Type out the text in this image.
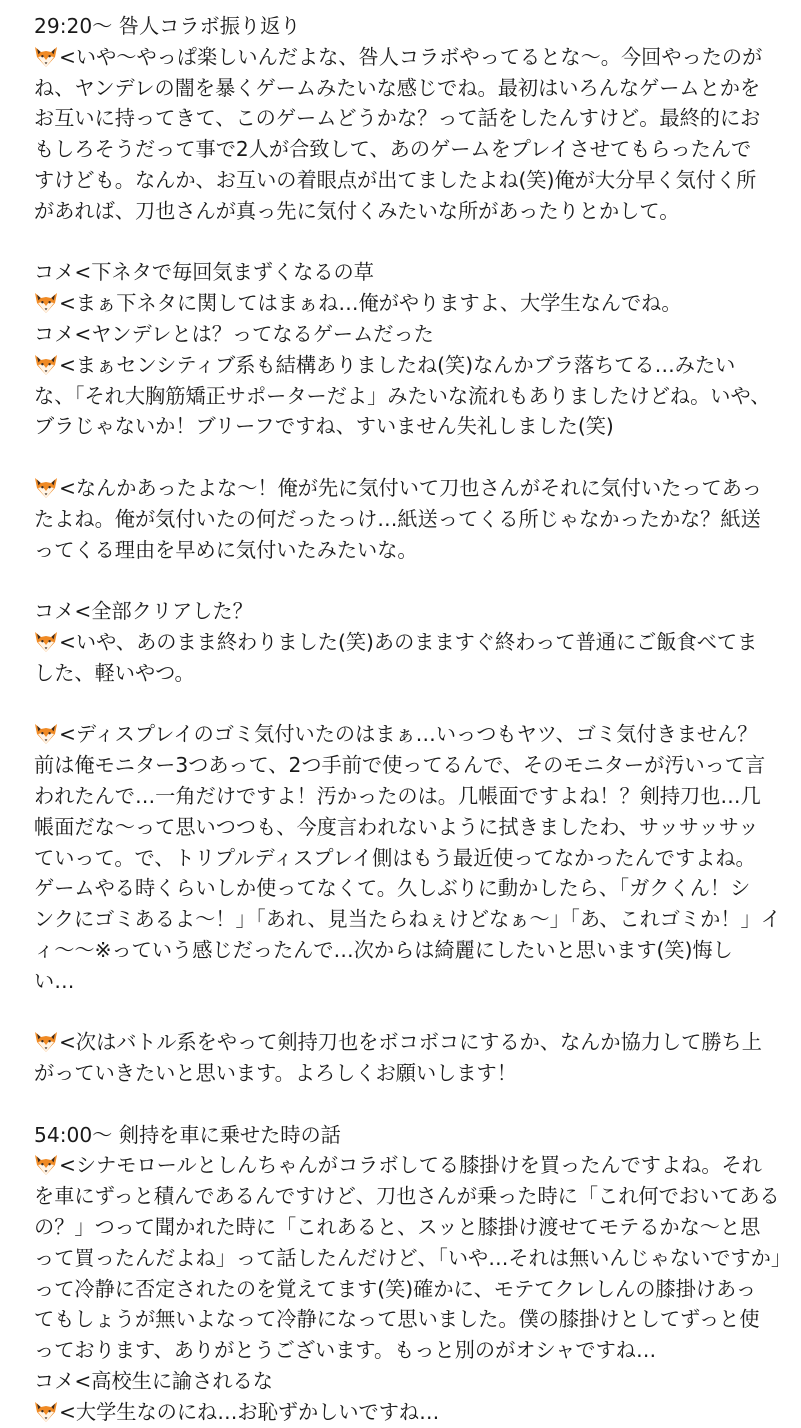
29:20〜 咎人コラボ振り返り
<いや〜やっぱ楽しいんだよな、咎人コラボやってるとな〜。今回やったのが
ね、ヤンデレの闇を暴くゲームみたいな感じでね。最初はいろんなゲームとかを
お互いに持ってきて、このゲームどうかな？って話をしたんすけど。最終的にお
もしろそうだって事で2人が合致して、あのゲームをプレイさせてもらったんで
すけども。なんか、お互いの着眼点が出てましたよね(笑)俺が大分早く気付く所
があれば、刀也さんが真っ先に気付くみたいな所があったりとかして。
コメ<下ネタで毎回気まずくなるの草
<まぁ下ネタに関してはまぁね…俺がやりますよ、大学生なんでね。
コメ<ヤンデレとは？ってなるゲームだった
<まぁセンシティブ系も結構ありましたね(笑)なんかブラ落ちてる…みたい
な、「それ大胸筋矯正サポーターだよ」みたいな流れもありましたけどね。いや、
ブラじゃないか！ブリーフですね、すいません失礼しました(笑)
<なんかあったよな〜！俺が先に気付いて刀也さんがそれに気付いたってあっ
たよね。俺が気付いたの何だったっけ…紙送ってくる所じゃなかったかな？紙送
ってくる理由を早めに気付いたみたいな。
コメ<全部クリアした？
<いや、あのまま終わりました(笑)あのまますぐ終わって普通にご飯食べてま
した、軽いやつ。
<ディスプレイのゴミ気付いたのはまぁ…いっつもヤツ、ゴミ気付きません？
前は俺モニター3つあって、2つ手前で使ってるんで、そのモニターが汚いって言
われたんで…一角だけですよ！汚かったのは。几帳面ですよね！？剣持刀也…几
帳面だな〜って思いつつも、今度言われないように拭きましたわ、サッサッサッ
ていって。で、トリプルディスプレイ側はもう最近使ってなかったんですよね。
ゲームやる時くらいしか使ってなくて。久しぶりに動かしたら、「ガクくん！シ
ンクにゴミあるよ〜！」「あれ、見当たらねぇけどなぁ〜」「あ、これゴミか！」イ
ィ〜〜※っていう感じだったんで…次からは綺麗にしたいと思います(笑)悔し
い…
<次はバトル系をやって剣持刀也をボコボコにするか、なんか協力して勝ち上
がっていきたいと思います。よろしくお願いします！
54:00〜 剣持を車に乗せた時の話
<シナモロールとしんちゃんがコラボしてる膝掛けを買ったんですよね。それ
を車にずっと積んであるんですけど、刀也さんが乗った時に「これ何でおいてある
の？」つって聞かれた時に「これあると、スッと膝掛け渡せてモテるかな〜と思
って買ったんだよね」って話したんだけど、「いや…それは無いんじゃないですか」
って冷静に否定されたのを覚えてます(笑)確かに、モテてクレしんの膝掛けあっ
てもしょうが無いよなって冷静になって思いました。僕の膝掛けとしてずっと使
っております、ありがとうございます。もっと別のがオシャですね…
コメ<高校生に諭されるな
<大学生なのにね…お恥ずかしいですね…
